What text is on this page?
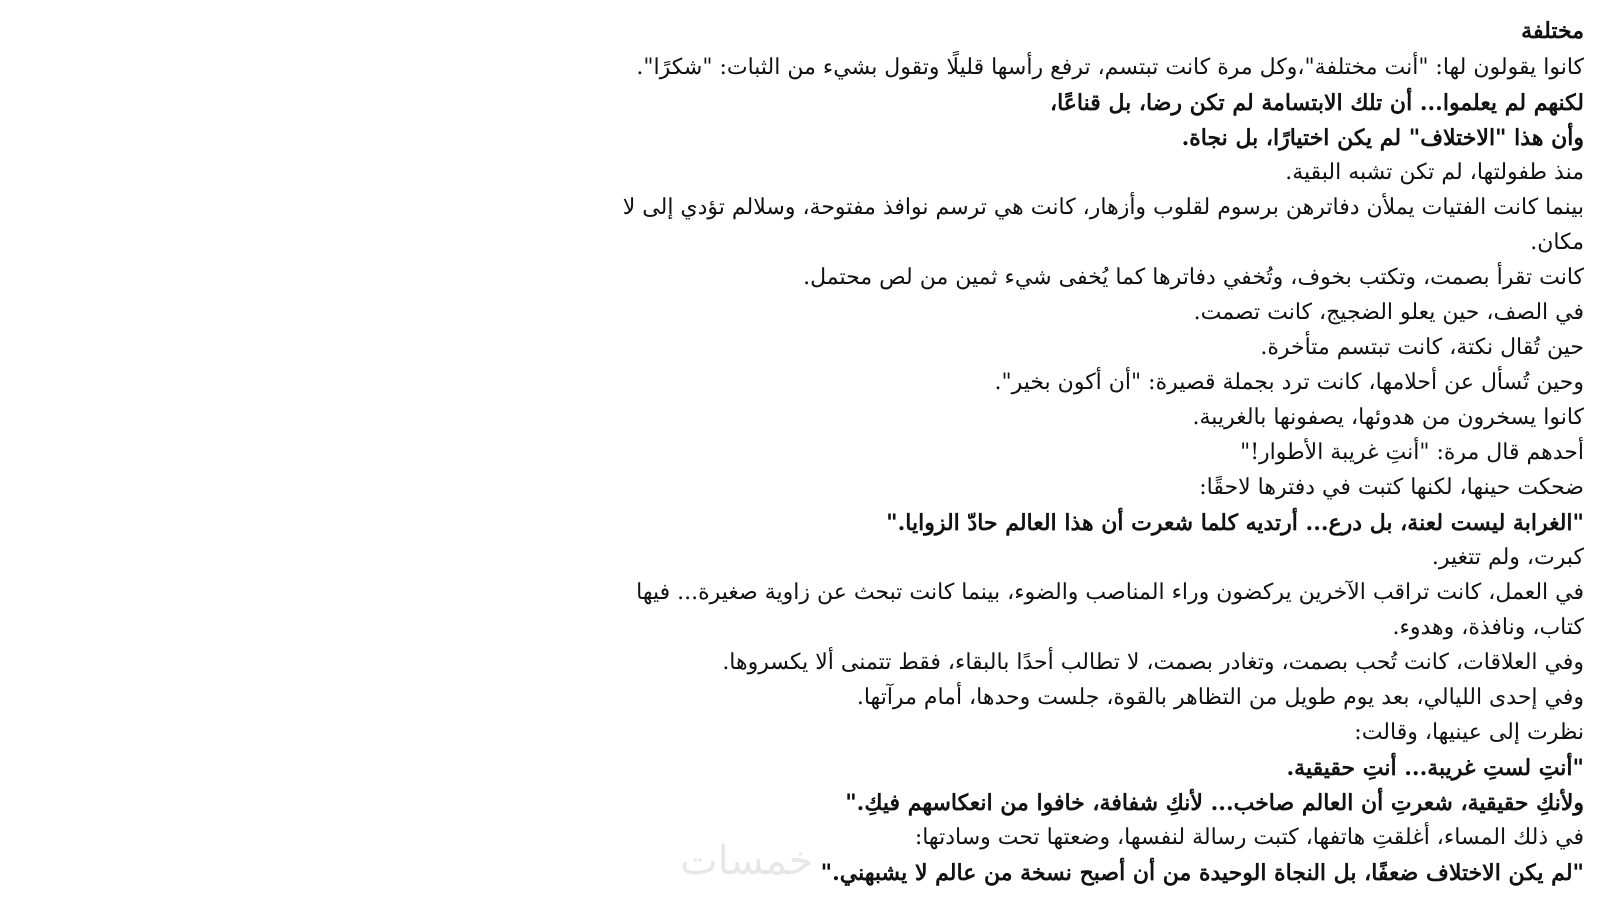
مختلفة

كانوا يقولون لها: "أنت مختلفة"،وكل مرة كانت تبتسم، ترفع رأسها قليلًا وتقول بشيء من الثبات: "شكرًا".

لكنهم لم يعلموا... أن تلك الابتسامة لم تكن رضا، بل قناعًا،

وأن هذا "الاختلاف" لم يكن اختيارًا، بل نجاة.

منذ طفولتها، لم تكن تشبه البقية.

بينما كانت الفتيات يملأن دفاترهن برسوم لقلوب وأزهار، كانت هي ترسم نوافذ مفتوحة، وسلالم تؤدي إلى لا

مكان.

كانت تقرأ بصمت، وتكتب بخوف، وتُخفي دفاترها كما يُخفى شيء ثمين من لص محتمل.

في الصف، حين يعلو الضجيج، كانت تصمت.

حين تُقال نكتة، كانت تبتسم متأخرة.

وحين تُسأل عن أحلامها، كانت ترد بجملة قصيرة: "أن أكون بخير".

كانوا يسخرون من هدوئها، يصفونها بالغريبة.

أحدهم قال مرة: "أنتِ غريبة الأطوار!"

ضحكت حينها، لكنها كتبت في دفترها لاحقًا:

"الغرابة ليست لعنة، بل درع... أرتديه كلما شعرت أن هذا العالم حادّ الزوايا."

كبرت، ولم تتغير.

في العمل، كانت تراقب الآخرين يركضون وراء المناصب والضوء، بينما كانت تبحث عن زاوية صغيرة... فيها

كتاب، ونافذة، وهدوء.

وفي العلاقات، كانت تُحب بصمت، وتغادر بصمت، لا تطالب أحدًا بالبقاء، فقط تتمنى ألا يكسروها.

وفي إحدى الليالي، بعد يوم طويل من التظاهر بالقوة، جلست وحدها، أمام مرآتها.

نظرت إلى عينيها، وقالت:

"أنتِ لستِ غريبة... أنتِ حقيقية.

ولأنكِ حقيقية، شعرتِ أن العالم صاخب... لأنكِ شفافة، خافوا من انعكاسهم فيكِ."

في ذلك المساء، أغلقتِ هاتفها، كتبت رسالة لنفسها، وضعتها تحت وسادتها:

"لم يكن الاختلاف ضعفًا، بل النجاة الوحيدة من أن أصبح نسخة من عالم لا يشبهني."

خمسات
